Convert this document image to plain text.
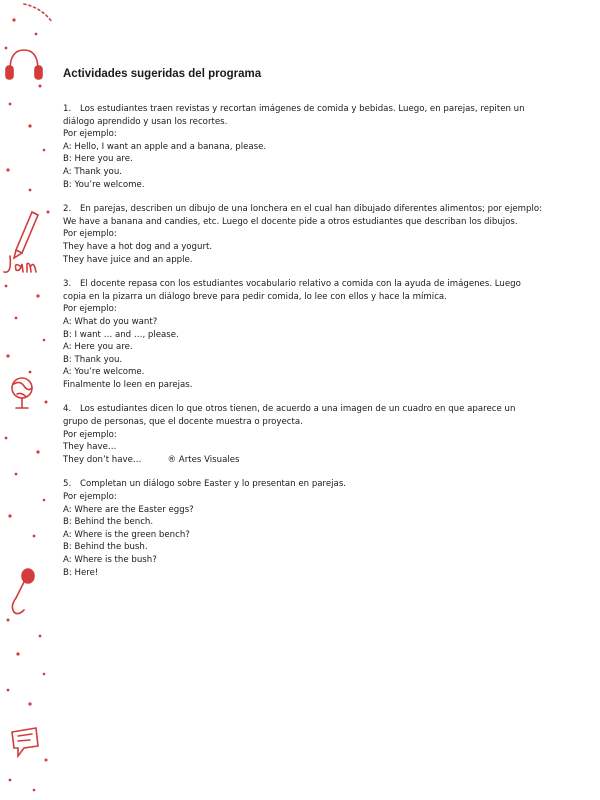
Actividades sugeridas del programa
1. Los estudiantes traen revistas y recortan imágenes de comida y bebidas. Luego, en parejas, repiten un diálogo aprendido y usan los recortes.
Por ejemplo:
A: Hello, I want an apple and a banana, please.
B: Here you are.
A: Thank you.
B: You’re welcome.
2. En parejas, describen un dibujo de una lonchera en el cual han dibujado diferentes alimentos; por ejemplo:
We have a banana and candies, etc. Luego el docente pide a otros estudiantes que describan los dibujos.
Por ejemplo:
They have a hot dog and a yogurt.
They have juice and an apple.
3. El docente repasa con los estudiantes vocabulario relativo a comida con la ayuda de imágenes. Luego copia en la pizarra un diálogo breve para pedir comida, lo lee con ellos y hace la mímica.
Por ejemplo:
A: What do you want?
B: I want … and …, please.
A: Here you are.
B: Thank you.
A: You’re welcome.
Finalmente lo leen en parejas.
4. Los estudiantes dicen lo que otros tienen, de acuerdo a una imagen de un cuadro en que aparece un grupo de personas, que el docente muestra o proyecta.
Por ejemplo:
They have…
They don’t have…	® Artes Visuales
5. Completan un diálogo sobre Easter y lo presentan en parejas.
Por ejemplo:
A: Where are the Easter eggs?
B: Behind the bench.
A: Where is the green bench?
B: Behind the bush.
A: Where is the bush?
B: Here!
